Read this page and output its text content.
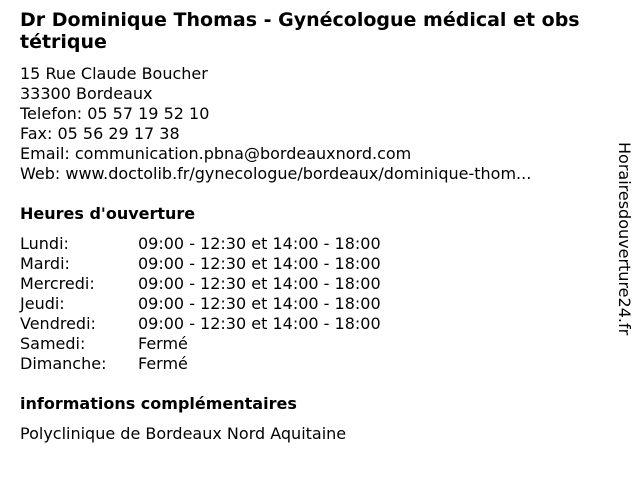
Dr Dominique Thomas - Gynécologue médical et obstétrique
15 Rue Claude Boucher
33300 Bordeaux
Telefon: 05 57 19 52 10
Fax: 05 56 29 17 38
Email: communication.pbna@bordeauxnord.com
Web: www.doctolib.fr/gynecologue/bordeaux/dominique-thom...
Heures d'ouverture
Lundi:	09:00 - 12:30 et 14:00 - 18:00
Mardi:	09:00 - 12:30 et 14:00 - 18:00
Mercredi:	09:00 - 12:30 et 14:00 - 18:00
Jeudi:	09:00 - 12:30 et 14:00 - 18:00
Vendredi:	09:00 - 12:30 et 14:00 - 18:00
Samedi:	Fermé
Dimanche: Fermé
informations complémentaires
Polyclinique de Bordeaux Nord Aquitaine
Horairesdouverture24.fr
